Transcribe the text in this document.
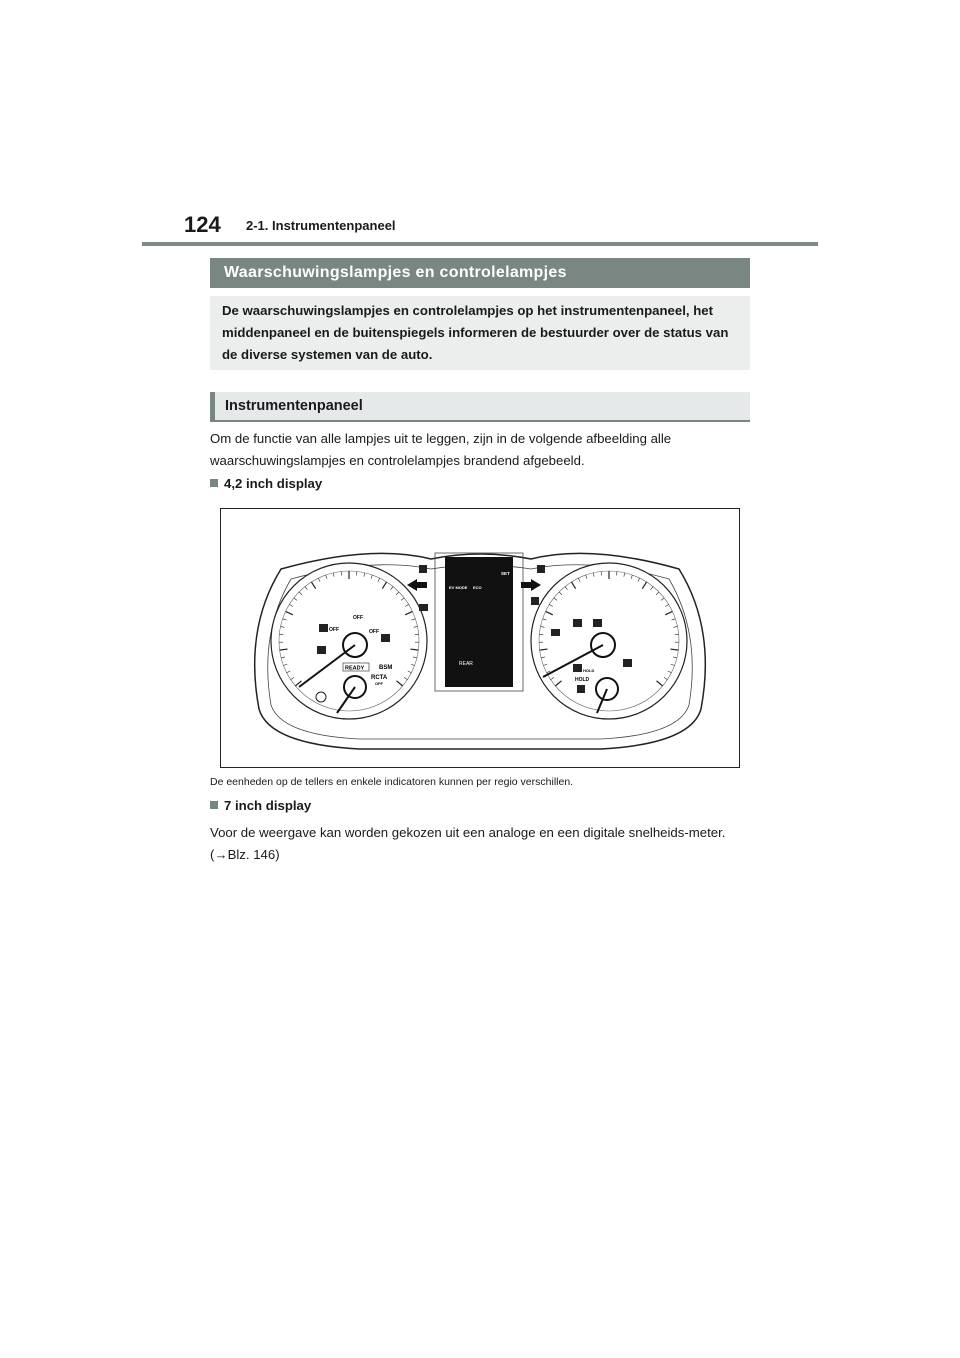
124 2-1. Instrumentenpaneel
Waarschuwingslampjes en controlelampjes
De waarschuwingslampjes en controlelampjes op het instrumentenpaneel, het middenpaneel en de buitenspiegels informeren de bestuurder over de status van de diverse systemen van de auto.
Instrumentenpaneel
Om de functie van alle lampjes uit te leggen, zijn in de volgende afbeelding alle waarschuwingslampjes en controlelampjes brandend afgebeeld.
4,2 inch display
OFF
OFF
OFF
READY BSM
RCTA
OFF
EV MODE ECO
SET
REAR
HOLD
HOLD
De eenheden op de tellers en enkele indicatoren kunnen per regio verschillen.
7 inch display
Voor de weergave kan worden gekozen uit een analoge en een digitale snelheids-meter. (→Blz. 146)
